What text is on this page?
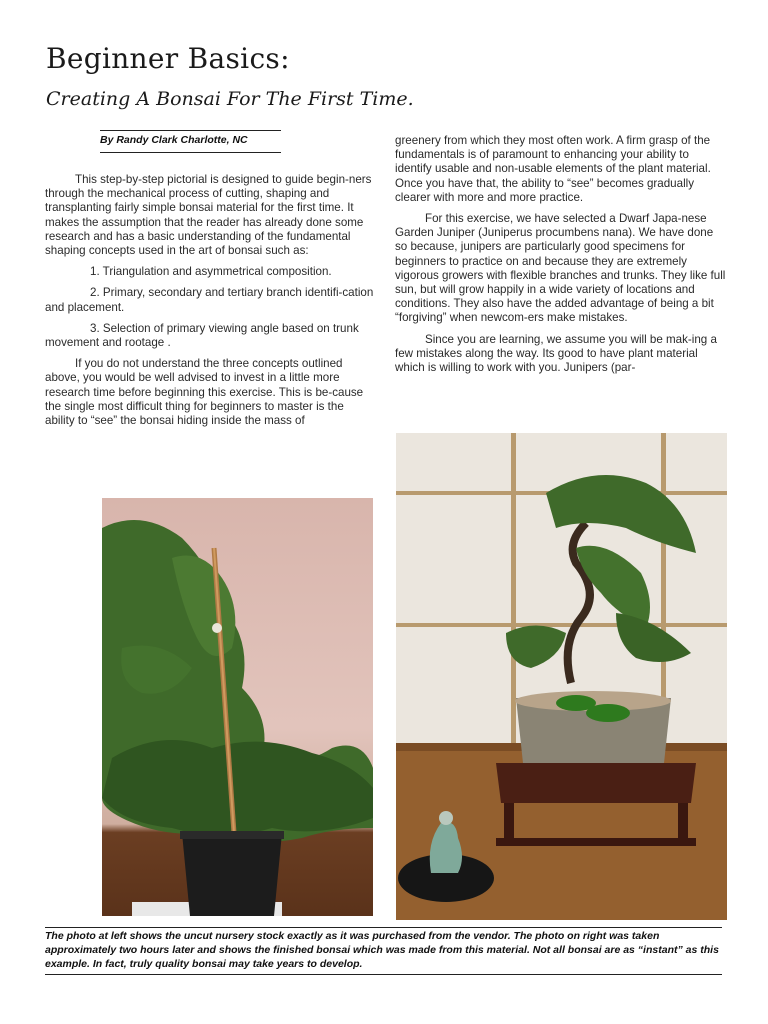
Beginner Basics:
Creating A Bonsai For The First Time.
By Randy Clark Charlotte, NC

This step-by-step pictorial is designed to guide begin-ners through the mechanical process of cutting, shaping and transplanting fairly simple bonsai material for the first time. It makes the assumption that the reader has already done some research and has a basic understanding of the fundamental shaping concepts used in the art of bonsai such as:

1. Triangulation and asymmetrical composition.

2. Primary, secondary and tertiary branch identifi-cation and placement.

3. Selection of primary viewing angle based on trunk movement and rootage .

If you do not understand the three concepts outlined above, you would be well advised to invest in a little more research time before beginning this exercise. This is be-cause the single most difficult thing for beginners to master is the ability to “see” the bonsai hiding inside the mass of

greenery from which they most often work. A firm grasp of the fundamentals is of paramount to enhancing your ability to identify usable and non-usable elements of the plant material. Once you have that, the ability to “see” becomes gradually clearer with more and more practice.

For this exercise, we have selected a Dwarf Japa-nese Garden Juniper (Juniperus procumbens nana). We have done so because, junipers are particularly good specimens for beginners to practice on and because they are extremely vigorous growers with flexible branches and trunks. They like full sun, but will grow happily in a wide variety of locations and conditions. They also have the added advantage of being a bit “forgiving” when newcom-ers make mistakes.

Since you are learning, we assume you will be mak-ing a few mistakes along the way. Its good to have plant material which is willing to work with you. Junipers (par-

The photo at left shows the uncut nursery stock exactly as it was purchased from the vendor. The photo on right was taken approximately two hours later and shows the finished bonsai which was made from this material. Not all bonsai are as “instant” as this example. In fact, truly quality bonsai may take years to develop.
